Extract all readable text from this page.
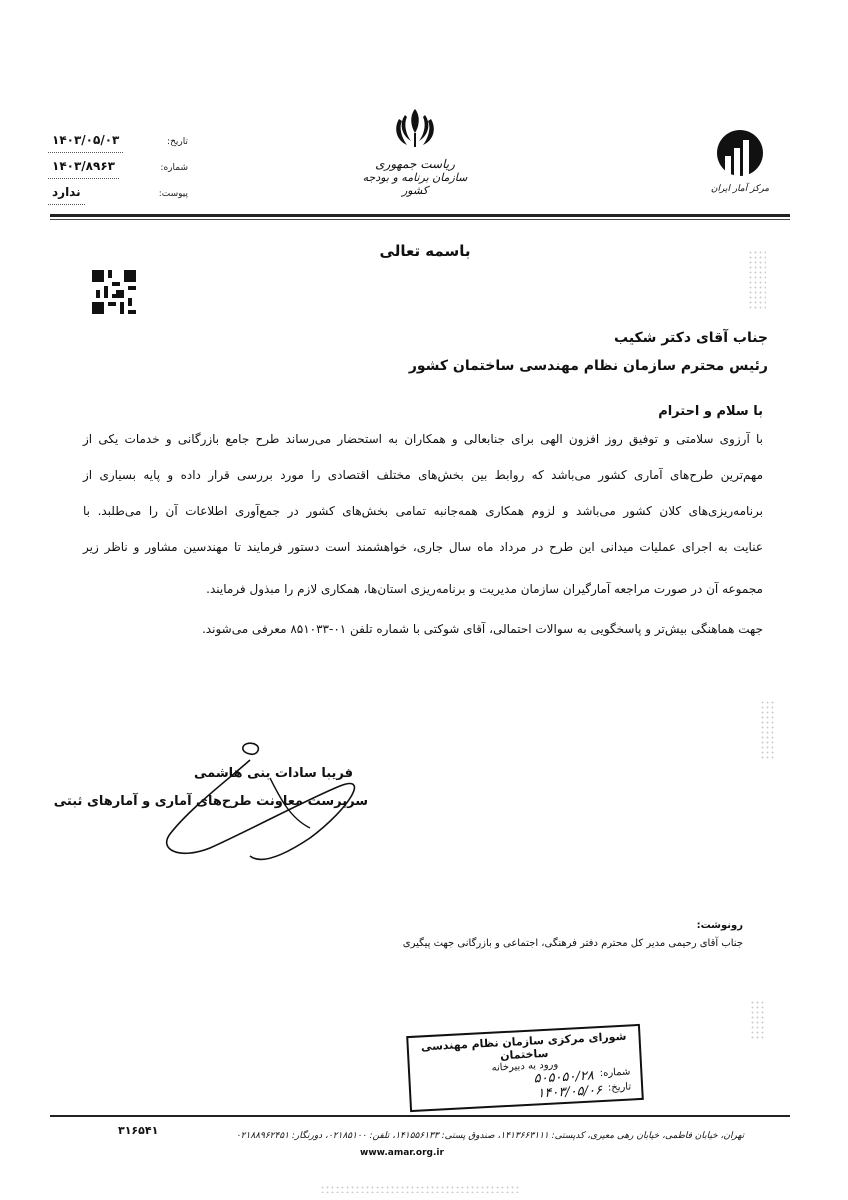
تاریخ:
۱۴۰۳/۰۵/۰۳
شماره:
۱۴۰۳/۸۹۶۳
پیوست:
ندارد
ریاست جمهوری
سازمان برنامه و بودجه کشور	مرکز آمار ایران
باسمه تعالی
جناب آقای دکتر شکیب
رئیس محترم سازمان نظام مهندسی ساختمان کشور
با سلام و احترام
با آرزوی سلامتی و توفیق روز افزون الهی برای جنابعالی و همکاران به استحضار می‌رساند طرح جامع بازرگانی و خدمات یکی از
مهم‌ترین طرح‌های آماری کشور می‌باشد که روابط بین بخش‌های مختلف اقتصادی را مورد بررسی قرار داده و پایه بسیاری از
برنامه‌ریزی‌های کلان کشور می‌باشد و لزوم همکاری همه‌جانبه تمامی بخش‌های کشور در جمع‌آوری اطلاعات آن را می‌طلبد. با
عنایت به اجرای عملیات میدانی این طرح در مرداد ماه سال جاری، خواهشمند است دستور فرمایند تا مهندسین مشاور و ناظر زیر
مجموعه آن در صورت مراجعه آمارگیران سازمان مدیریت و برنامه‌ریزی استان‌ها، همکاری لازم را مبذول فرمایند.
جهت هماهنگی بیش‌تر و پاسخگویی به سوالات احتمالی، آقای شوکتی با شماره تلفن ۰۱-۸۵۱۰۳۳ معرفی می‌شوند.
فریبا سادات بنی هاشمی
سرپرست معاونت طرح‌های آماری و آمارهای ثبتی
رونوشت:
جناب آقای رحیمی مدیر کل محترم دفتر فرهنگی، اجتماعی و بازرگانی جهت پیگیری
شورای مرکزی سازمان نظام مهندسی ساختمان
ورود به دبیرخانه	شماره:
۵۰۵۰۵۰/۲۸
تاریخ:
۱۴۰۳/۰۵/۰۶
۳۱۶۵۴۱	تهران، خیابان فاطمی، خیابان رهی معیری، کدپستی: ۱۴۱۳۶۶۳۱۱۱، صندوق پستی: ۱۴۱۵۵۶۱۳۳، تلفن: ۰۲۱۸۵۱۰۰، دورنگار: ۰۲۱۸۸۹۶۲۴۵۱
www.amar.org.ir
